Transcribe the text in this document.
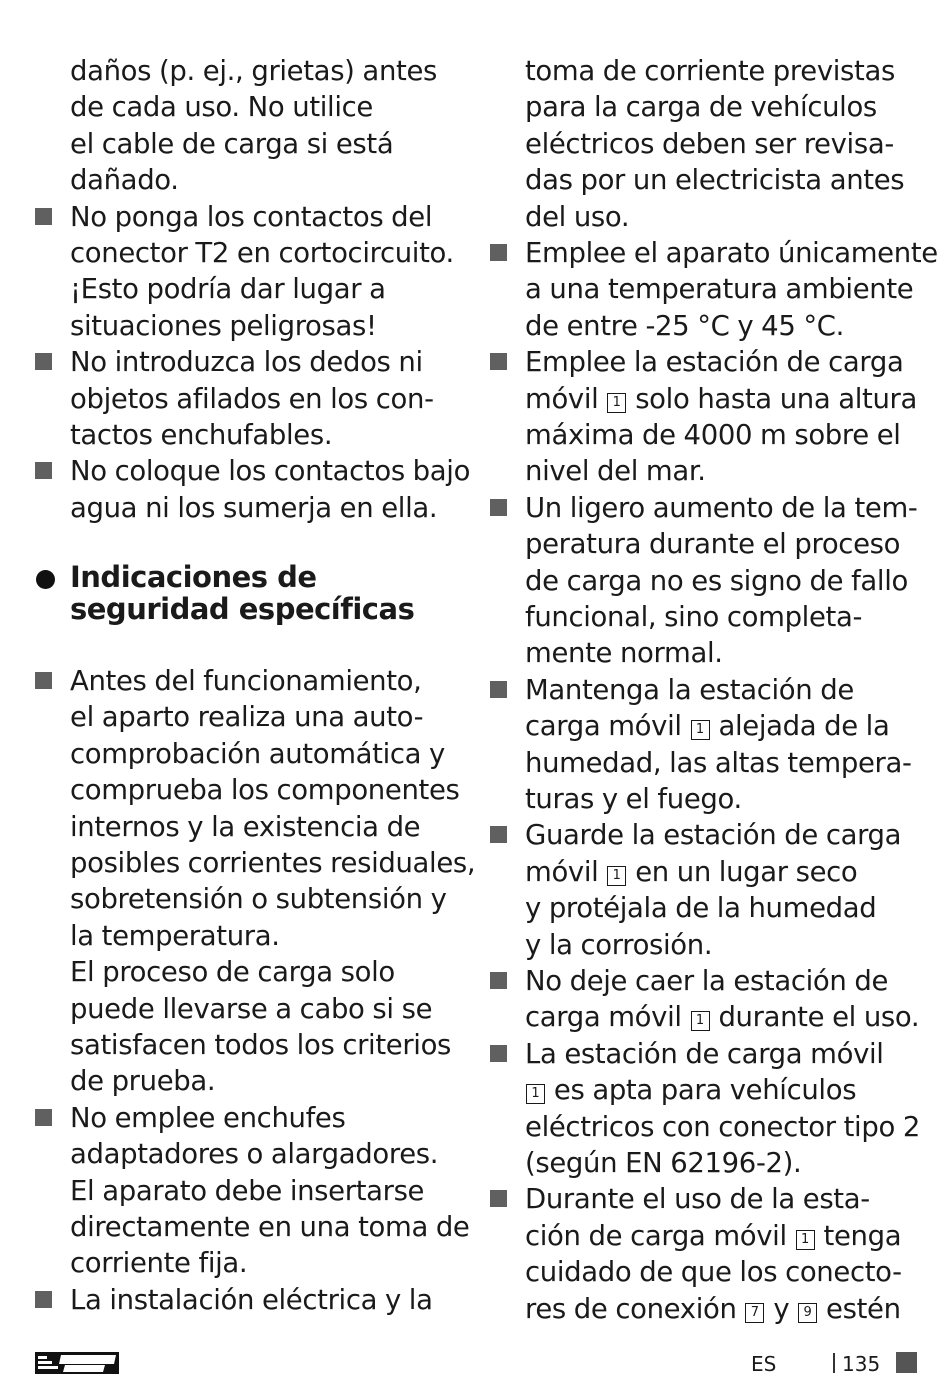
daños (p. ej., grietas) antes
de cada uso. No utilice
el cable de carga si está
dañado.
No ponga los contactos del
conector T2 en cortocircuito.
¡Esto podría dar lugar a
situaciones peligrosas!
No introduzca los dedos ni
objetos afilados en los con-
tactos enchufables.
No coloque los contactos bajo
agua ni los sumerja en ella.
Antes del funcionamiento,
el aparto realiza una auto-
comprobación automática y
comprueba los componentes
internos y la existencia de
posibles corrientes residuales,
sobretensión o subtensión y
la temperatura.
El proceso de carga solo
puede llevarse a cabo si se
satisfacen todos los criterios
de prueba.
No emplee enchufes
adaptadores o alargadores.
El aparato debe insertarse
directamente en una toma de
corriente fija.
La instalación eléctrica y la
toma de corriente previstas
para la carga de vehículos
eléctricos deben ser revisa-
das por un electricista antes
del uso.
Emplee el aparato únicamente
a una temperatura ambiente
de entre -25 °C y 45 °C.
Emplee la estación de carga
móvil 1 solo hasta una altura
máxima de 4000 m sobre el
nivel del mar.
Un ligero aumento de la tem-
peratura durante el proceso
de carga no es signo de fallo
funcional, sino completa-
mente normal.
Mantenga la estación de
carga móvil 1 alejada de la
humedad, las altas tempera-
turas y el fuego.
Guarde la estación de carga
móvil 1 en un lugar seco
y protéjala de la humedad
y la corrosión.
No deje caer la estación de
carga móvil 1 durante el uso.
La estación de carga móvil
1 es apta para vehículos
eléctricos con conector tipo 2
(según EN 62196-2).
Durante el uso de la esta-
ción de carga móvil 1 tenga
cuidado de que los conecto-
res de conexión 7 y 9 estén
Indicaciones de
seguridad específicas
ES	135
